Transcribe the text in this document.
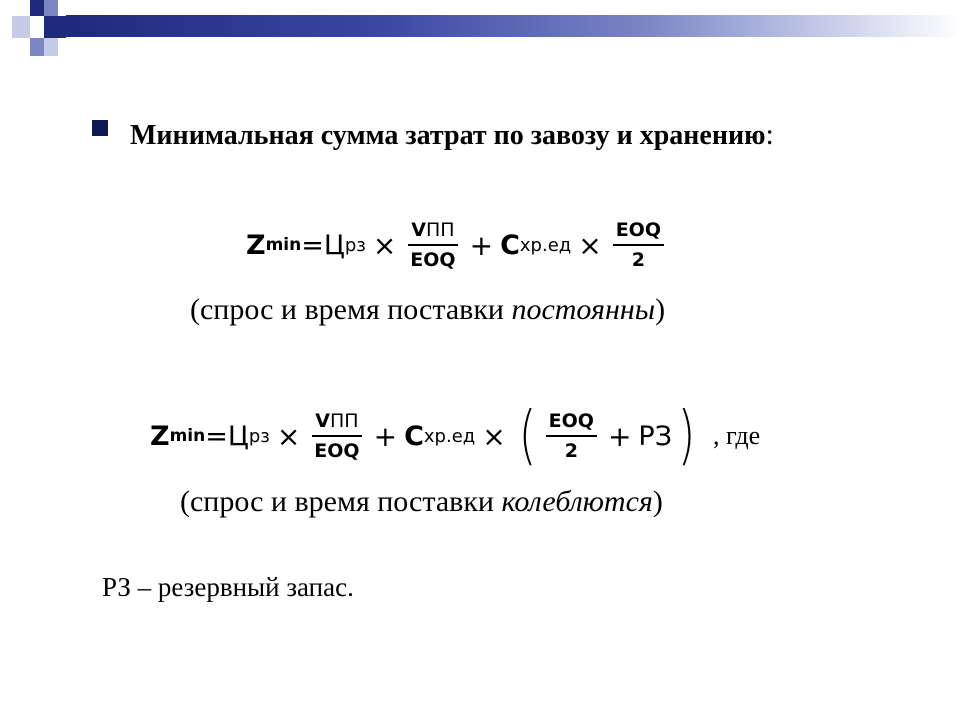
Минимальная сумма затрат по завозу и хранению:
Z min = Ц рз × $\frac{\text{VПП}}{\text{EOQ}} + C$ $хр.ед \times \frac{\text{EOQ}}{2}$
(спрос и время поставки постоянны)
Z min = Ц рз × $\frac{\text{VПП}}{\text{EOQ}} + C$ хр.ед × ( $\frac{\text{EOQ}}{2}$ + РЗ ) , где
(спрос и время поставки колеблются)
РЗ – резервный запас.
